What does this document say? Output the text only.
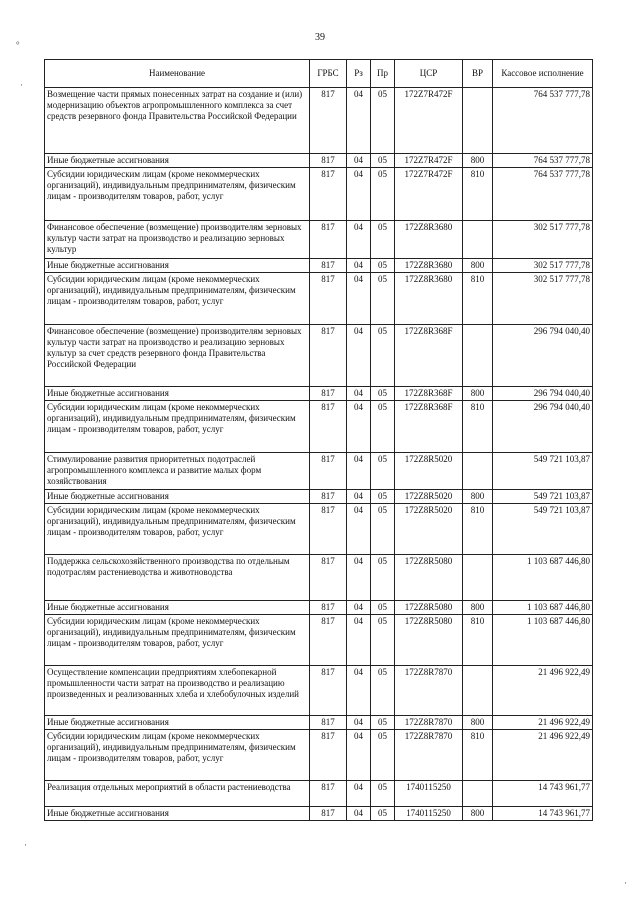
39
°
·
·
·
Наименование	ГРБС	Рз	Пр	ЦСР	ВР	Кассовое исполнение
Возмещение части прямых понесенных затрат на создание и (или) модернизацию объектов агропромышленного комплекса за счет средств резервного фонда Правительства Российской Федерации	817	04	05	172Z7R472F		764 537 777,78
Иные бюджетные ассигнования	817	04	05	172Z7R472F	800	764 537 777,78
Субсидии юридическим лицам (кроме некоммерческих организаций), индивидуальным предпринимателям, физическим лицам - производителям товаров, работ, услуг	817	04	05	172Z7R472F	810	764 537 777,78
Финансовое обеспечение (возмещение) производителям зерновых культур части затрат на производство и реализацию зерновых культур	817	04	05	172Z8R3680		302 517 777,78
Иные бюджетные ассигнования	817	04	05	172Z8R3680	800	302 517 777,78
Субсидии юридическим лицам (кроме некоммерческих организаций), индивидуальным предпринимателям, физическим лицам - производителям товаров, работ, услуг	817	04	05	172Z8R3680	810	302 517 777,78
Финансовое обеспечение (возмещение) производителям зерновых культур части затрат на производство и реализацию зерновых культур за счет средств резервного фонда Правительства Российской Федерации	817	04	05	172Z8R368F		296 794 040,40
Иные бюджетные ассигнования	817	04	05	172Z8R368F	800	296 794 040,40
Субсидии юридическим лицам (кроме некоммерческих организаций), индивидуальным предпринимателям, физическим лицам - производителям товаров, работ, услуг	817	04	05	172Z8R368F	810	296 794 040,40
Стимулирование развития приоритетных подотраслей агропромышленного комплекса и развитие малых форм хозяйствования	817	04	05	172Z8R5020		549 721 103,87
Иные бюджетные ассигнования	817	04	05	172Z8R5020	800	549 721 103,87
Субсидии юридическим лицам (кроме некоммерческих организаций), индивидуальным предпринимателям, физическим лицам - производителям товаров, работ, услуг	817	04	05	172Z8R5020	810	549 721 103,87
Поддержка сельскохозяйственного производства по отдельным подотраслям растениеводства и животноводства	817	04	05	172Z8R5080		1 103 687 446,80
Иные бюджетные ассигнования	817	04	05	172Z8R5080	800	1 103 687 446,80
Субсидии юридическим лицам (кроме некоммерческих организаций), индивидуальным предпринимателям, физическим лицам - производителям товаров, работ, услуг	817	04	05	172Z8R5080	810	1 103 687 446,80
Осуществление компенсации предприятиям хлебопекарной промышленности части затрат на производство и реализацию произведенных и реализованных хлеба и хлебобулочных изделий	817	04	05	172Z8R7870		21 496 922,49
Иные бюджетные ассигнования	817	04	05	172Z8R7870	800	21 496 922,49
Субсидии юридическим лицам (кроме некоммерческих организаций), индивидуальным предпринимателям, физическим лицам - производителям товаров, работ, услуг	817	04	05	172Z8R7870	810	21 496 922,49
Реализация отдельных мероприятий в области растениеводства	817	04	05	1740115250		14 743 961,77
Иные бюджетные ассигнования	817	04	05	1740115250	800	14 743 961,77
